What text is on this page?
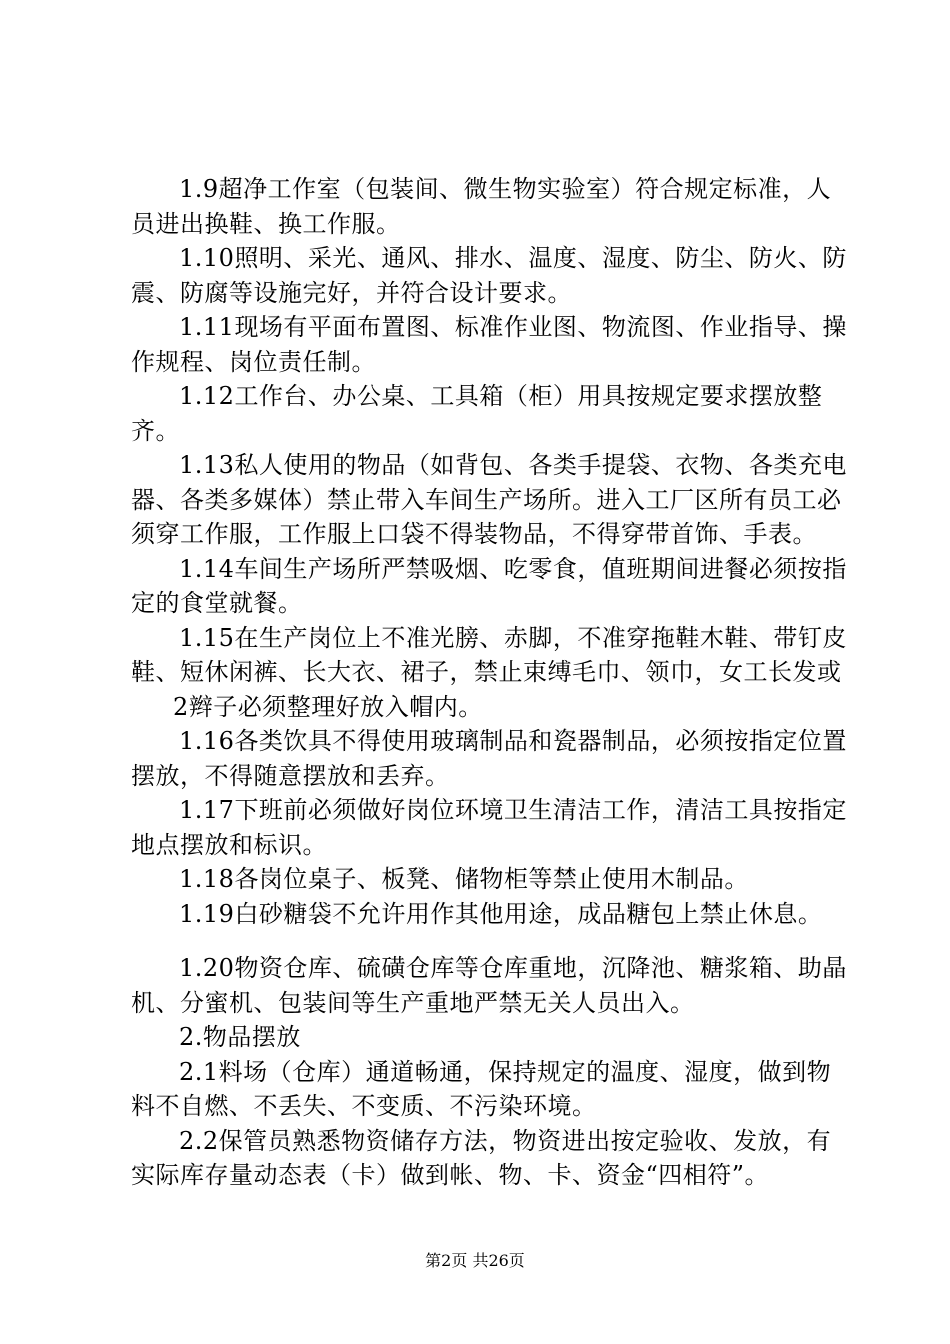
1.9超净工作室（包装间、微生物实验室）符合规定标准，人员进出换鞋、换工作服。

1.10照明、采光、通风、排水、温度、湿度、防尘、防火、防震、防腐等设施完好，并符合设计要求。

1.11现场有平面布置图、标准作业图、物流图、作业指导、操作规程、岗位责任制。

1.12工作台、办公桌、工具箱（柜）用具按规定要求摆放整齐。

1.13私人使用的物品（如背包、各类手提袋、衣物、各类充电器、各类多媒体）禁止带入车间生产场所。进入工厂区所有员工必须穿工作服，工作服上口袋不得装物品，不得穿带首饰、手表。

1.14车间生产场所严禁吸烟、吃零食，值班期间进餐必须按指定的食堂就餐。

1.15在生产岗位上不准光膀、赤脚，不准穿拖鞋木鞋、带钉皮鞋、短休闲裤、长大衣、裙子，禁止束缚毛巾、领巾，女工长发或

2辫子必须整理好放入帽内。

1.16各类饮具不得使用玻璃制品和瓷器制品，必须按指定位置摆放，不得随意摆放和丢弃。

1.17下班前必须做好岗位环境卫生清洁工作，清洁工具按指定地点摆放和标识。

1.18各岗位桌子、板凳、储物柜等禁止使用木制品。

1.19白砂糖袋不允许用作其他用途，成品糖包上禁止休息。

1.20物资仓库、硫磺仓库等仓库重地，沉降池、糖浆箱、助晶机、分蜜机、包装间等生产重地严禁无关人员出入。

2.物品摆放

2.1料场（仓库）通道畅通，保持规定的温度、湿度，做到物料不自燃、不丢失、不变质、不污染环境。

2.2保管员熟悉物资储存方法，物资进出按定验收、发放，有实际库存量动态表（卡）做到帐、物、卡、资金“四相符”。

第2页 共26页
